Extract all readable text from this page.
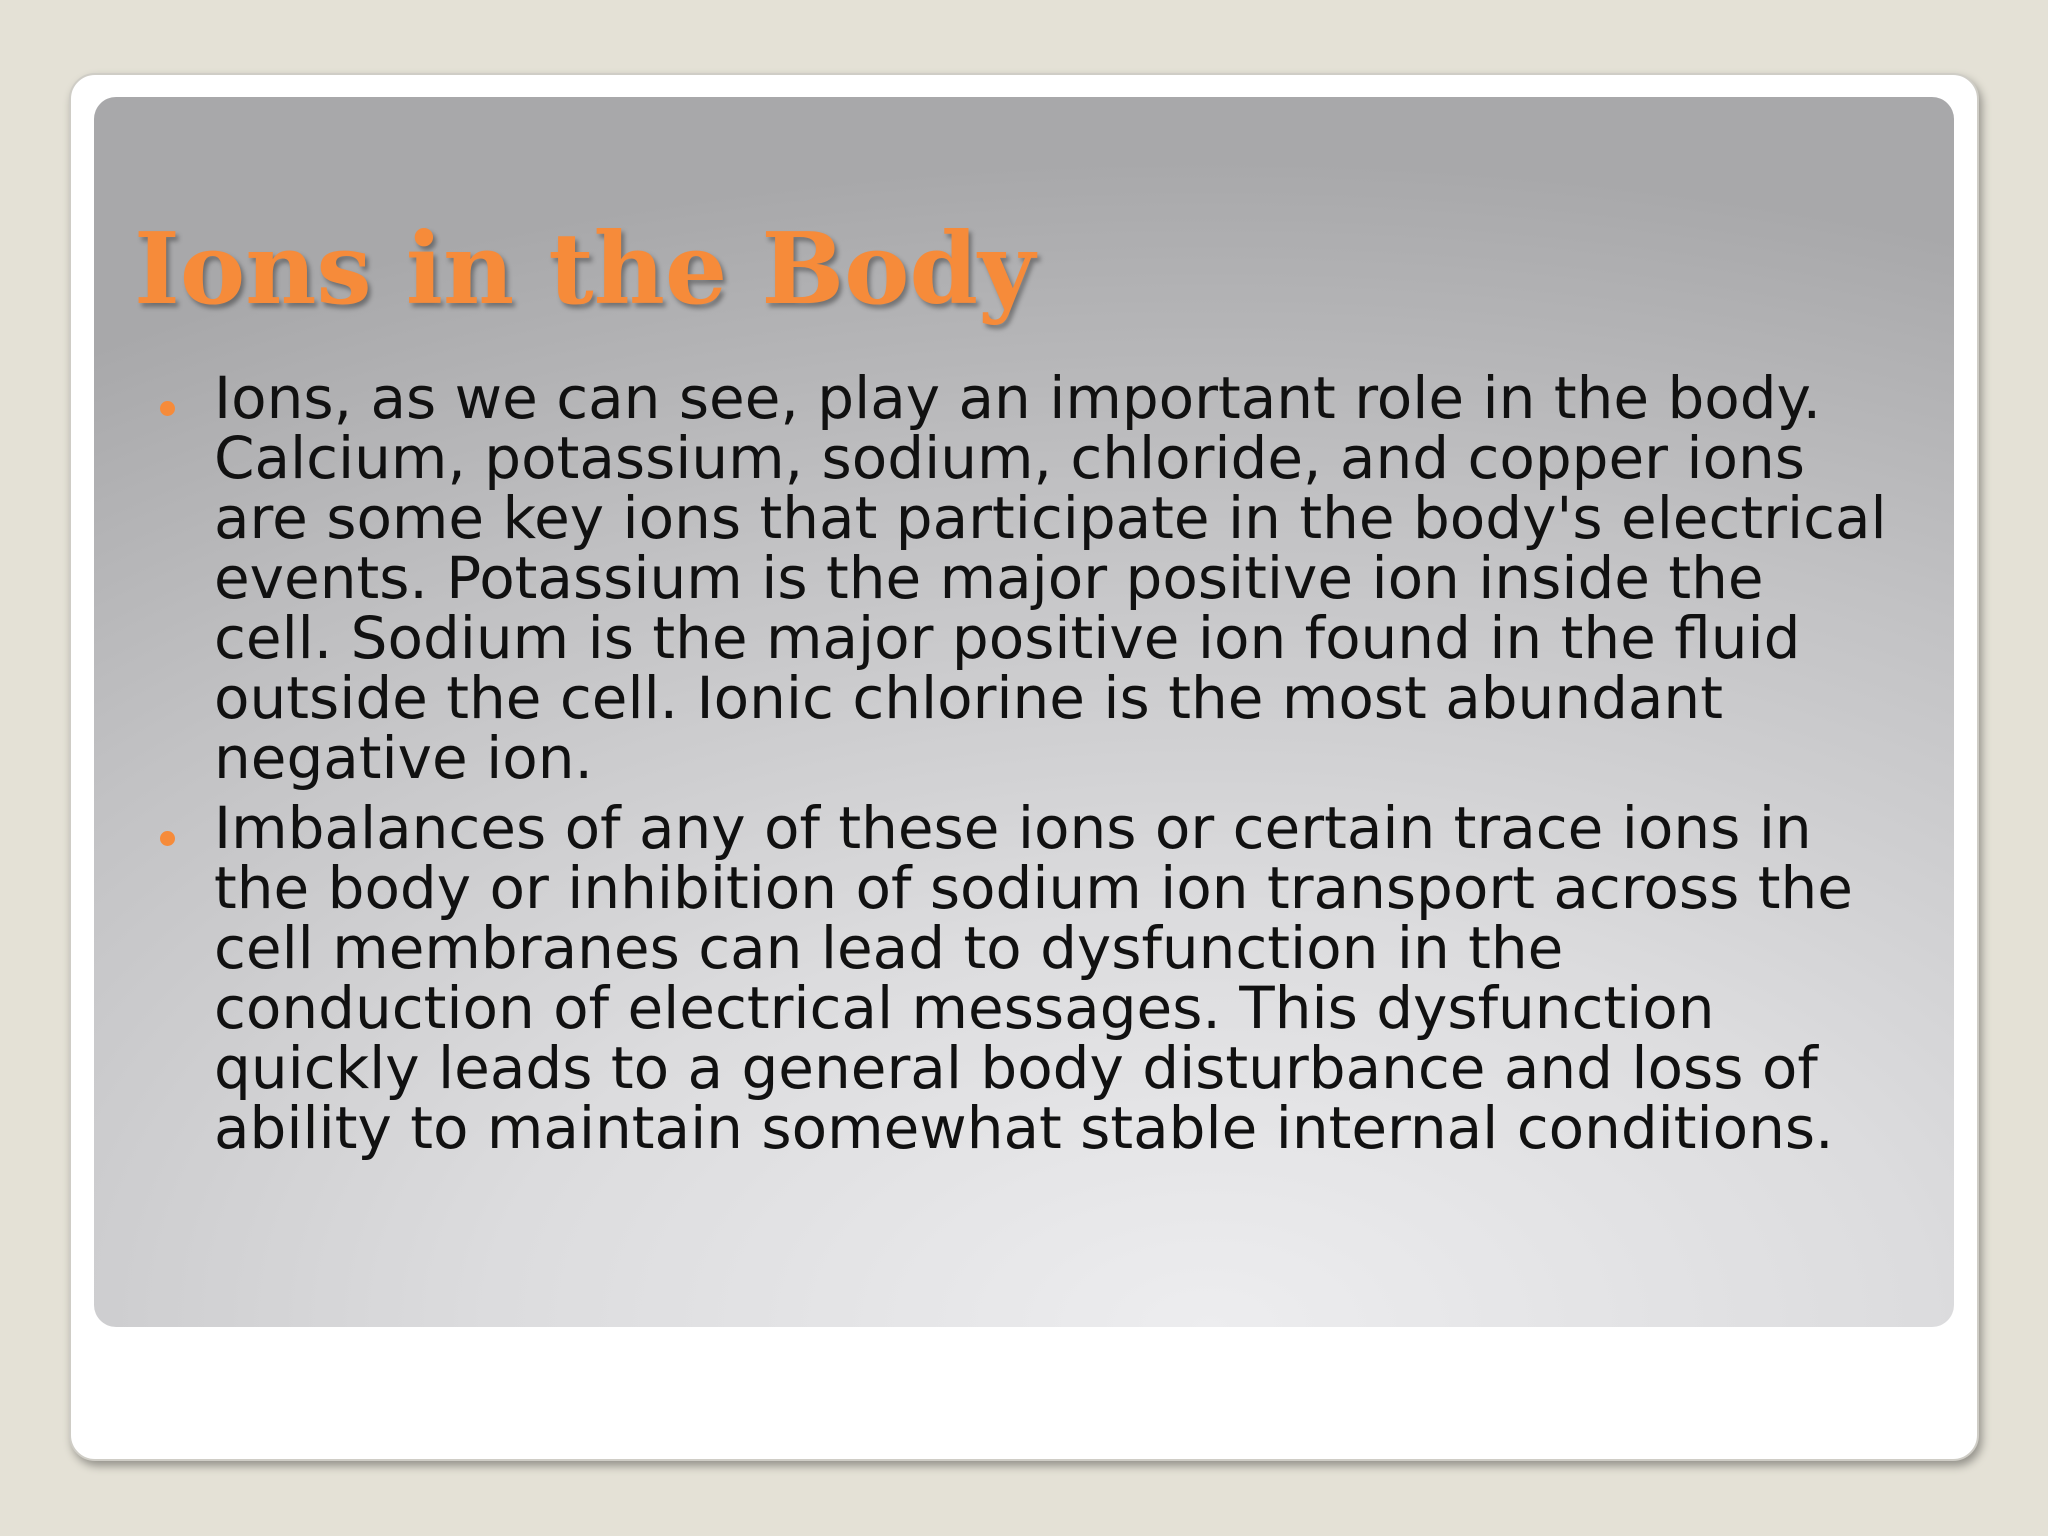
Ions in the Body
Ions, as we can see, play an important role in the body. Calcium, potassium, sodium, chloride, and copper ions are some key ions that participate in the body's electrical events. Potassium is the major positive ion inside the cell. Sodium is the major positive ion found in the fluid outside the cell. Ionic chlorine is the most abundant negative ion.
Imbalances of any of these ions or certain trace ions in the body or inhibition of sodium ion transport across the cell membranes can lead to dysfunction in the conduction of electrical messages. This dysfunction quickly leads to a general body disturbance and loss of ability to maintain somewhat stable internal conditions.
